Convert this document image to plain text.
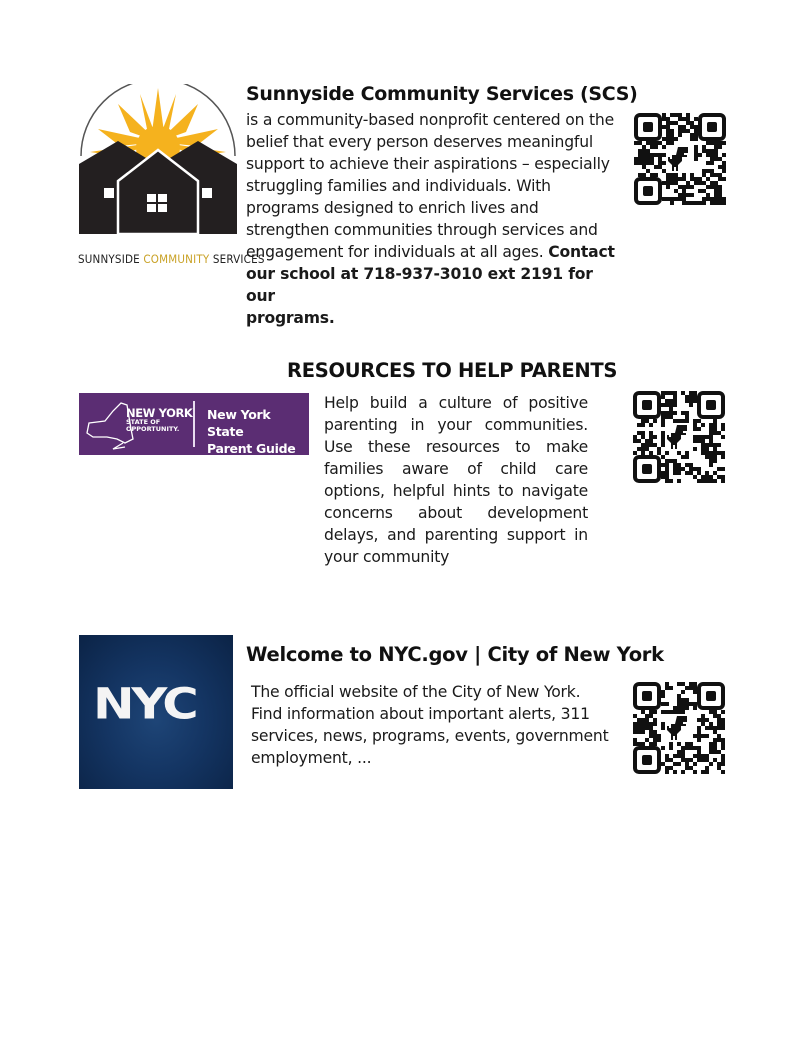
SUNNYSIDE COMMUNITY SERVICES
Sunnyside Community Services (SCS)
is a community-based nonprofit centered on the
belief that every person deserves meaningful
support to achieve their aspirations – especially
struggling families and individuals. With
programs designed to enrich lives and
strengthen communities through services and
engagement for individuals at all ages. Contact
our school at 718-937-3010 ext 2191 for our
programs.
RESOURCES TO HELP PARENTS
NEW YORK
STATE OF
OPPORTUNITY.
New York State
Parent Guide
Help build a culture of positive parenting in your communities. Use these resources to make families aware of child care options, helpful hints to navigate concerns about development delays, and parenting support in your community
NYC
Welcome to NYC.gov | City of New York
The official website of the City of New York.
Find information about important alerts, 311
services, news, programs, events, government
employment, ...
